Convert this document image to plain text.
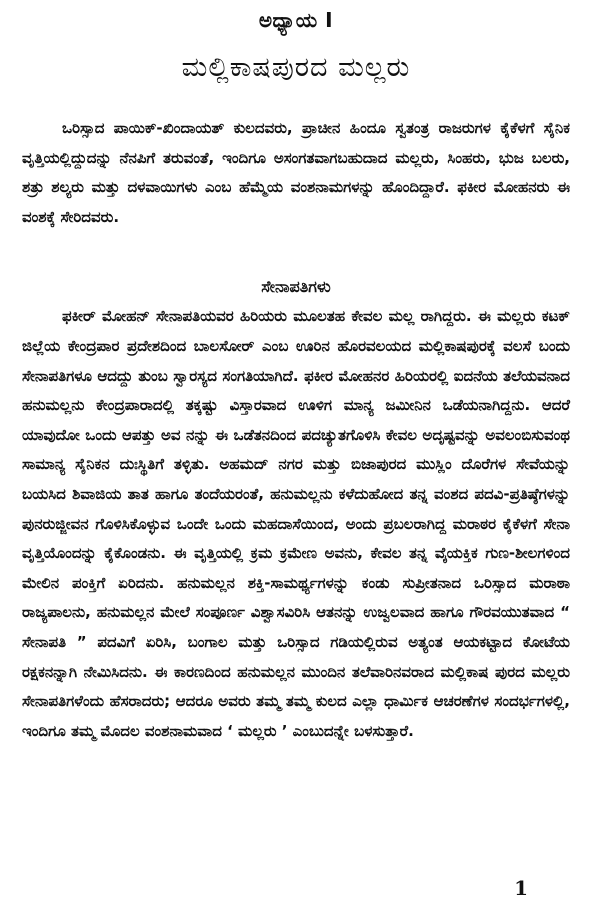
ಅಧ್ಯಾಯ I
ಮಲ್ಲಿಕಾಷಪುರದ ಮಲ್ಲರು

ಒರಿಸ್ಸಾದ ಪಾಯಿಕ್‌-ಖಿಂದಾಯತ್‌ ಕುಲದವರು, ಪ್ರಾಚೀನ ಹಿಂದೂ ಸ್ವತಂತ್ರ ರಾಜರುಗಳ ಕೈಕೆಳಗೆ ಸೈನಿಕ ವೃತ್ತಿಯಲ್ಲಿದ್ದುದನ್ನು ನೆನಪಿಗೆ ತರುವಂತೆ, ಇಂದಿಗೂ ಅಸಂಗತವಾಗಬಹುದಾದ ಮಲ್ಲರು, ಸಿಂಹರು, ಭುಜ ಬಲರು, ಶತ್ರು ಶಲ್ಯರು ಮತ್ತು ದಳವಾಯಿಗಳು ಎಂಬ ಹೆಮ್ಮೆಯ ವಂಶನಾಮಗಳನ್ನು ಹೊಂದಿದ್ದಾರೆ. ಫಕೀರ ಮೋಹನರು ಈ ವಂಶಕ್ಕೆ ಸೇರಿದವರು.

ಸೇನಾಪತಿಗಳು

ಫಕೀರ್‌ ಮೋಹನ್‌ ಸೇನಾಪತಿಯವರ ಹಿರಿಯರು ಮೂಲತಹ ಕೇವಲ ಮಲ್ಲ ರಾಗಿದ್ದರು. ಈ ಮಲ್ಲರು ಕಟಕ್‌ ಜಿಲ್ಲೆಯ ಕೇಂದ್ರಪಾರ ಪ್ರದೇಶದಿಂದ ಬಾಲಸೋರ್‌ ಎಂಬ ಊರಿನ ಹೊರವಲಯದ ಮಲ್ಲಿಕಾಷಪುರಕ್ಕೆ ವಲಸೆ ಬಂದು ಸೇನಾಪತಿಗಳೂ ಆದದ್ದು ತುಂಬ ಸ್ವಾರಸ್ಯದ ಸಂಗತಿಯಾಗಿದೆ. ಫಕೀರ ಮೋಹನರ ಹಿರಿಯರಲ್ಲಿ ಐದನೆಯ ತಲೆಯವನಾದ ಹನುಮಲ್ಲನು ಕೇಂದ್ರಪಾರಾದಲ್ಲಿ ತಕ್ಕಷ್ಟು ವಿಸ್ತಾರವಾದ ಊಳಿಗ ಮಾನ್ಯ ಜಮೀನಿನ ಒಡೆಯನಾಗಿದ್ದನು. ಆದರೆ ಯಾವುದೋ ಒಂದು ಆಪತ್ತು ಅವ ನನ್ನು ಈ ಒಡೆತನದಿಂದ ಪದಚ್ಯುತಗೊಳಿಸಿ ಕೇವಲ ಅದೃಷ್ಟವನ್ನು ಅವಲಂಬಿಸುವಂಥ ಸಾಮಾನ್ಯ ಸೈನಿಕನ ದುಃಸ್ಥಿತಿಗೆ ತಳ್ಳಿತು. ಅಹಮದ್‌ ನಗರ ಮತ್ತು ಬಿಜಾಪುರದ ಮುಸ್ಲಿಂ ದೊರೆಗಳ ಸೇವೆಯನ್ನು ಬಯಸಿದ ಶಿವಾಜಿಯ ತಾತ ಹಾಗೂ ತಂದೆಯರಂತೆ, ಹನುಮಲ್ಲನು ಕಳೆದುಹೋದ ತನ್ನ ವಂಶದ ಪದವಿ-ಪ್ರತಿಷ್ಠೆಗಳನ್ನು ಪುನರುಜ್ಜೀವನ ಗೊಳಿಸಿಕೊಳ್ಳುವ ಒಂದೇ ಒಂದು ಮಹದಾಸೆಯಿಂದ, ಅಂದು ಪ್ರಬಲರಾಗಿದ್ದ ಮರಾಠರ ಕೈಕೆಳಗೆ ಸೇನಾ ವೃತ್ತಿಯೊಂದನ್ನು ಕೈಕೊಂಡನು. ಈ ವೃತ್ತಿಯಲ್ಲಿ ಕ್ರಮ ಕ್ರಮೇಣ ಅವನು, ಕೇವಲ ತನ್ನ ವೈಯಕ್ತಿಕ ಗುಣ-ಶೀಲಗಳಿಂದ ಮೇಲಿನ ಪಂಕ್ತಿಗೆ ಏರಿದನು. ಹನುಮಲ್ಲನ ಶಕ್ತಿ-ಸಾಮರ್ಥ್ಯಗಳನ್ನು ಕಂಡು ಸುಪ್ರೀತನಾದ ಒರಿಸ್ಸಾದ ಮರಾಠಾ ರಾಜ್ಯಪಾಲನು, ಹನುಮಲ್ಲನ ಮೇಲೆ ಸಂಪೂರ್ಣ ವಿಶ್ವಾಸವಿರಿಸಿ ಆತನನ್ನು ಉಜ್ವಲವಾದ ಹಾಗೂ ಗೌರವಯುತವಾದ “ ಸೇನಾಪತಿ ” ಪದವಿಗೆ ಏರಿಸಿ, ಬಂಗಾಲ ಮತ್ತು ಒರಿಸ್ಸಾದ ಗಡಿಯಲ್ಲಿರುವ ಅತ್ಯಂತ ಆಯಕಟ್ಟಾದ ಕೋಟೆಯ ರಕ್ಷಕನನ್ನಾಗಿ ನೇಮಿಸಿದನು. ಈ ಕಾರಣದಿಂದ ಹನುಮಲ್ಲನ ಮುಂದಿನ ತಲೆವಾರಿನವರಾದ ಮಲ್ಲಿಕಾಷ ಪುರದ ಮಲ್ಲರು ಸೇನಾಪತಿಗಳೆಂದು ಹೆಸರಾದರು; ಆದರೂ ಅವರು ತಮ್ಮ ತಮ್ಮ ಕುಲದ ಎಲ್ಲಾ ಧಾರ್ಮಿಕ ಆಚರಣೆಗಳ ಸಂದರ್ಭಗಳಲ್ಲಿ, ಇಂದಿಗೂ ತಮ್ಮ ಮೊದಲ ವಂಶನಾಮವಾದ ‘ ಮಲ್ಲರು ’ ಎಂಬುದನ್ನೇ ಬಳಸುತ್ತಾರೆ.

1
